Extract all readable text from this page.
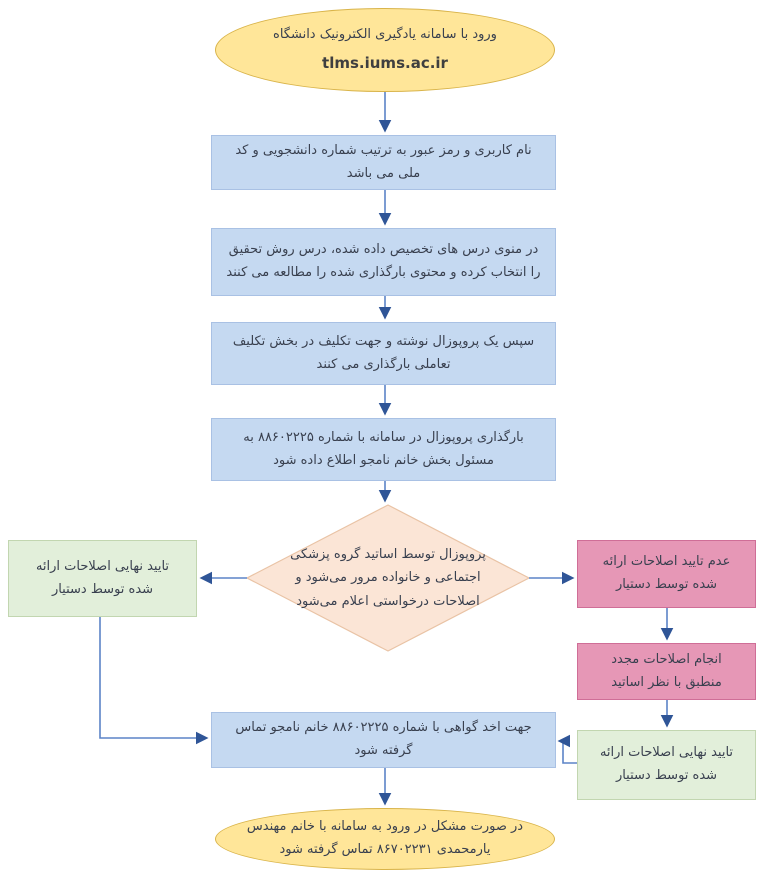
ورود با سامانه یادگیری الکترونیک دانشگاه
tlms.iums.ac.ir
نام کاربری و رمز عبور به ترتیب شماره دانشجویی و کد ملی می باشد
در منوی درس های تخصیص داده شده، درس روش تحقیق را انتخاب کرده و محتوی بارگذاری شده را مطالعه می کنند
سپس یک پروپوزال نوشته و جهت تکلیف در بخش تکلیف تعاملی بارگذاری می کنند
بارگذاری پروپوزال در سامانه با شماره ۸۸۶۰۲۲۲۵ به مسئول بخش خانم نامجو اطلاع داده شود
پروپوزال توسط اساتید گروه پزشکی اجتماعی و خانواده مرور می‌شود و اصلاحات درخواستی اعلام می‌شود
تایید نهایی اصلاحات ارائه شده توسط دستیار
عدم تایید اصلاحات ارائه شده توسط دستیار
انجام اصلاحات مجدد منطبق با نظر اساتید
تایید نهایی اصلاحات ارائه شده توسط دستیار
جهت اخد گواهی با شماره ۸۸۶۰۲۲۲۵ خانم نامجو تماس گرفته شود
در صورت مشکل در ورود به سامانه با خانم مهندس یارمحمدی ۸۶۷۰۲۲۳۱ تماس گرفته شود
